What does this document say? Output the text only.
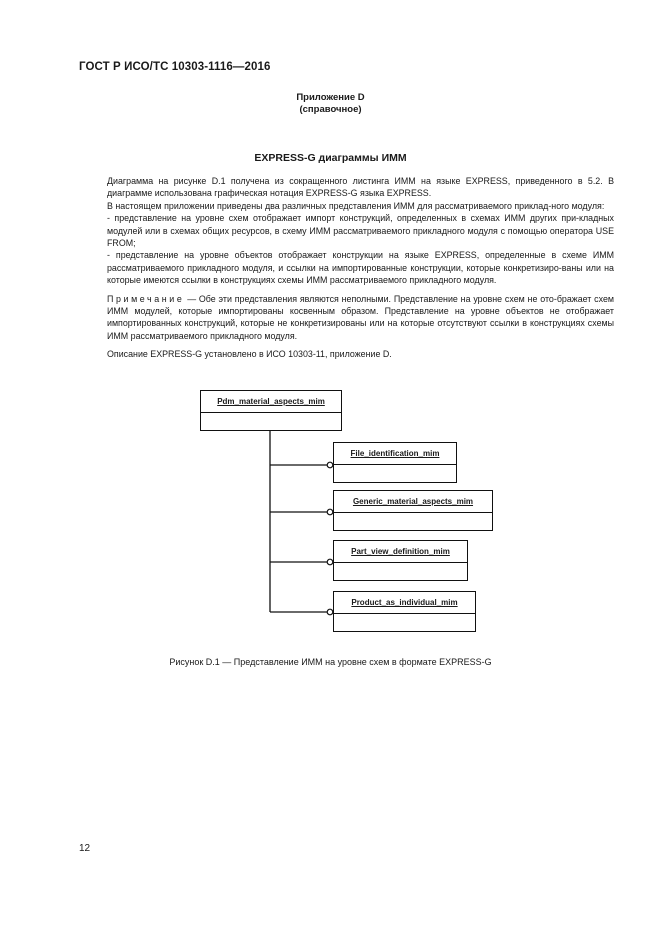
ГОСТ Р ИСО/ТС 10303-1116—2016
Приложение D
(справочное)
EXPRESS-G диаграммы ИММ
Диаграмма на рисунке D.1 получена из сокращенного листинга ИММ на языке EXPRESS, приведенного в 5.2. В диаграмме использована графическая нотация EXPRESS-G языка EXPRESS.
В настоящем приложении приведены два различных представления ИММ для рассматриваемого приклад-ного модуля:
- представление на уровне схем отображает импорт конструкций, определенных в схемах ИММ других при-кладных модулей или в схемах общих ресурсов, в схему ИММ рассматриваемого прикладного модуля с помощью оператора USE FROM;
- представление на уровне объектов отображает конструкции на языке EXPRESS, определенные в схеме ИММ рассматриваемого прикладного модуля, и ссылки на импортированные конструкции, которые конкретизиро-ваны или на которые имеются ссылки в конструкциях схемы ИММ рассматриваемого прикладного модуля.
Примечание — Обе эти представления являются неполными. Представление на уровне схем не ото-бражает схем ИММ модулей, которые импортированы косвенным образом. Представление на уровне объектов не отображает импортированных конструкций, которые не конкретизированы или на которые отсутствуют ссылки в конструкциях схемы ИММ рассматриваемого прикладного модуля.
Описание EXPRESS-G установлено в ИСО 10303-11, приложение D.
Pdm_material_aspects_mim
File_identification_mim
Generic_material_aspects_mim
Part_view_definition_mim
Product_as_individual_mim
Рисунок D.1 — Представление ИММ на уровне схем в формате EXPRESS-G
12
